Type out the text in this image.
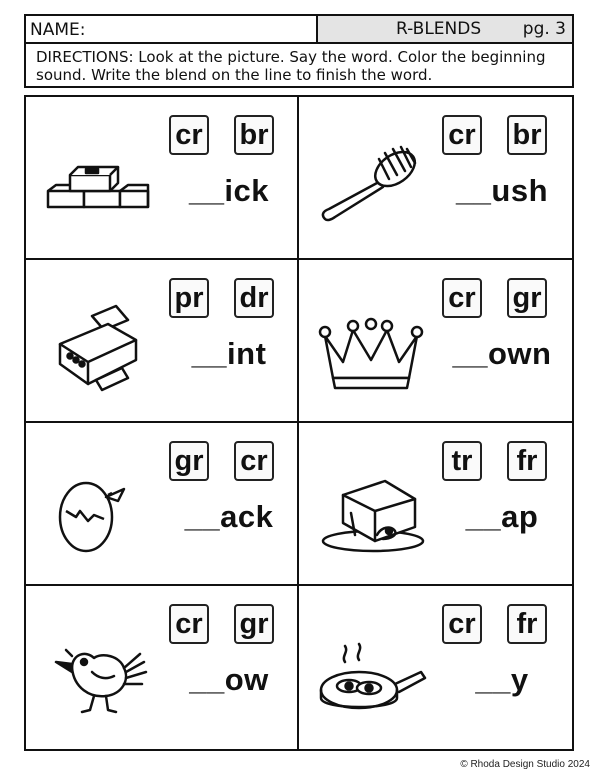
NAME:	R-BLENDS pg. 3
DIRECTIONS: Look at the picture. Say the word. Color the beginning sound. Write the blend on the line to finish the word.
cr br
__ick
cr br
__ush
pr dr
__int
cr gr
__own
gr cr
__ack
tr	fr
__ap
cr gr
__ow
cr	fr
__y
© Rhoda Design Studio 2024
